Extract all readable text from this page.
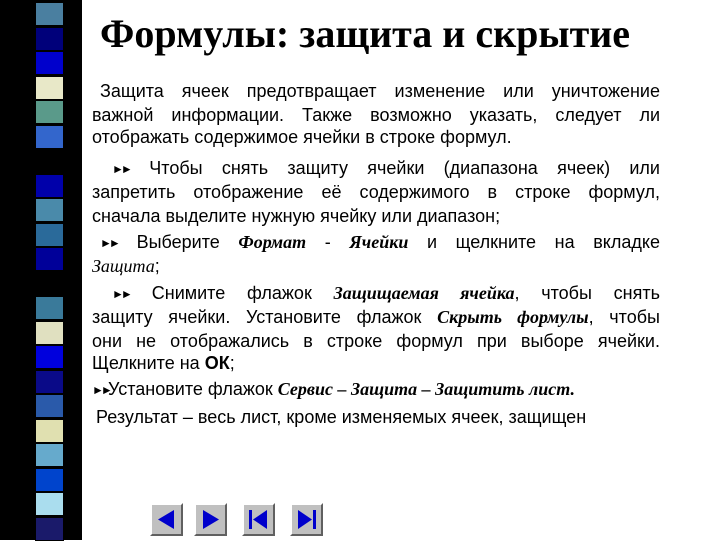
Формулы: защита и скрытие
Защита ячеек предотвращает изменение или уничтожение
важной информации. Также возможно указать, следует ли
отображать содержимое ячейки в строке формул.
►► Чтобы снять защиту ячейки (диапазона ячеек) или
запретить отображение её содержимого в строке формул,
сначала выделите нужную ячейку или диапазон;
►► Выберите Формат - Ячейки и щелкните на вкладке
Защита;
►► Снимите флажок Защищаемая ячейка, чтобы снять
защиту ячейки. Установите флажок Скрыть формулы, чтобы
они не отображались в строке формул при выборе ячейки.
Щелкните на ОК;
►►Установите флажок Сервис – Защита – Защитить лист.
Результат – весь лист, кроме изменяемых ячеек, защищен
